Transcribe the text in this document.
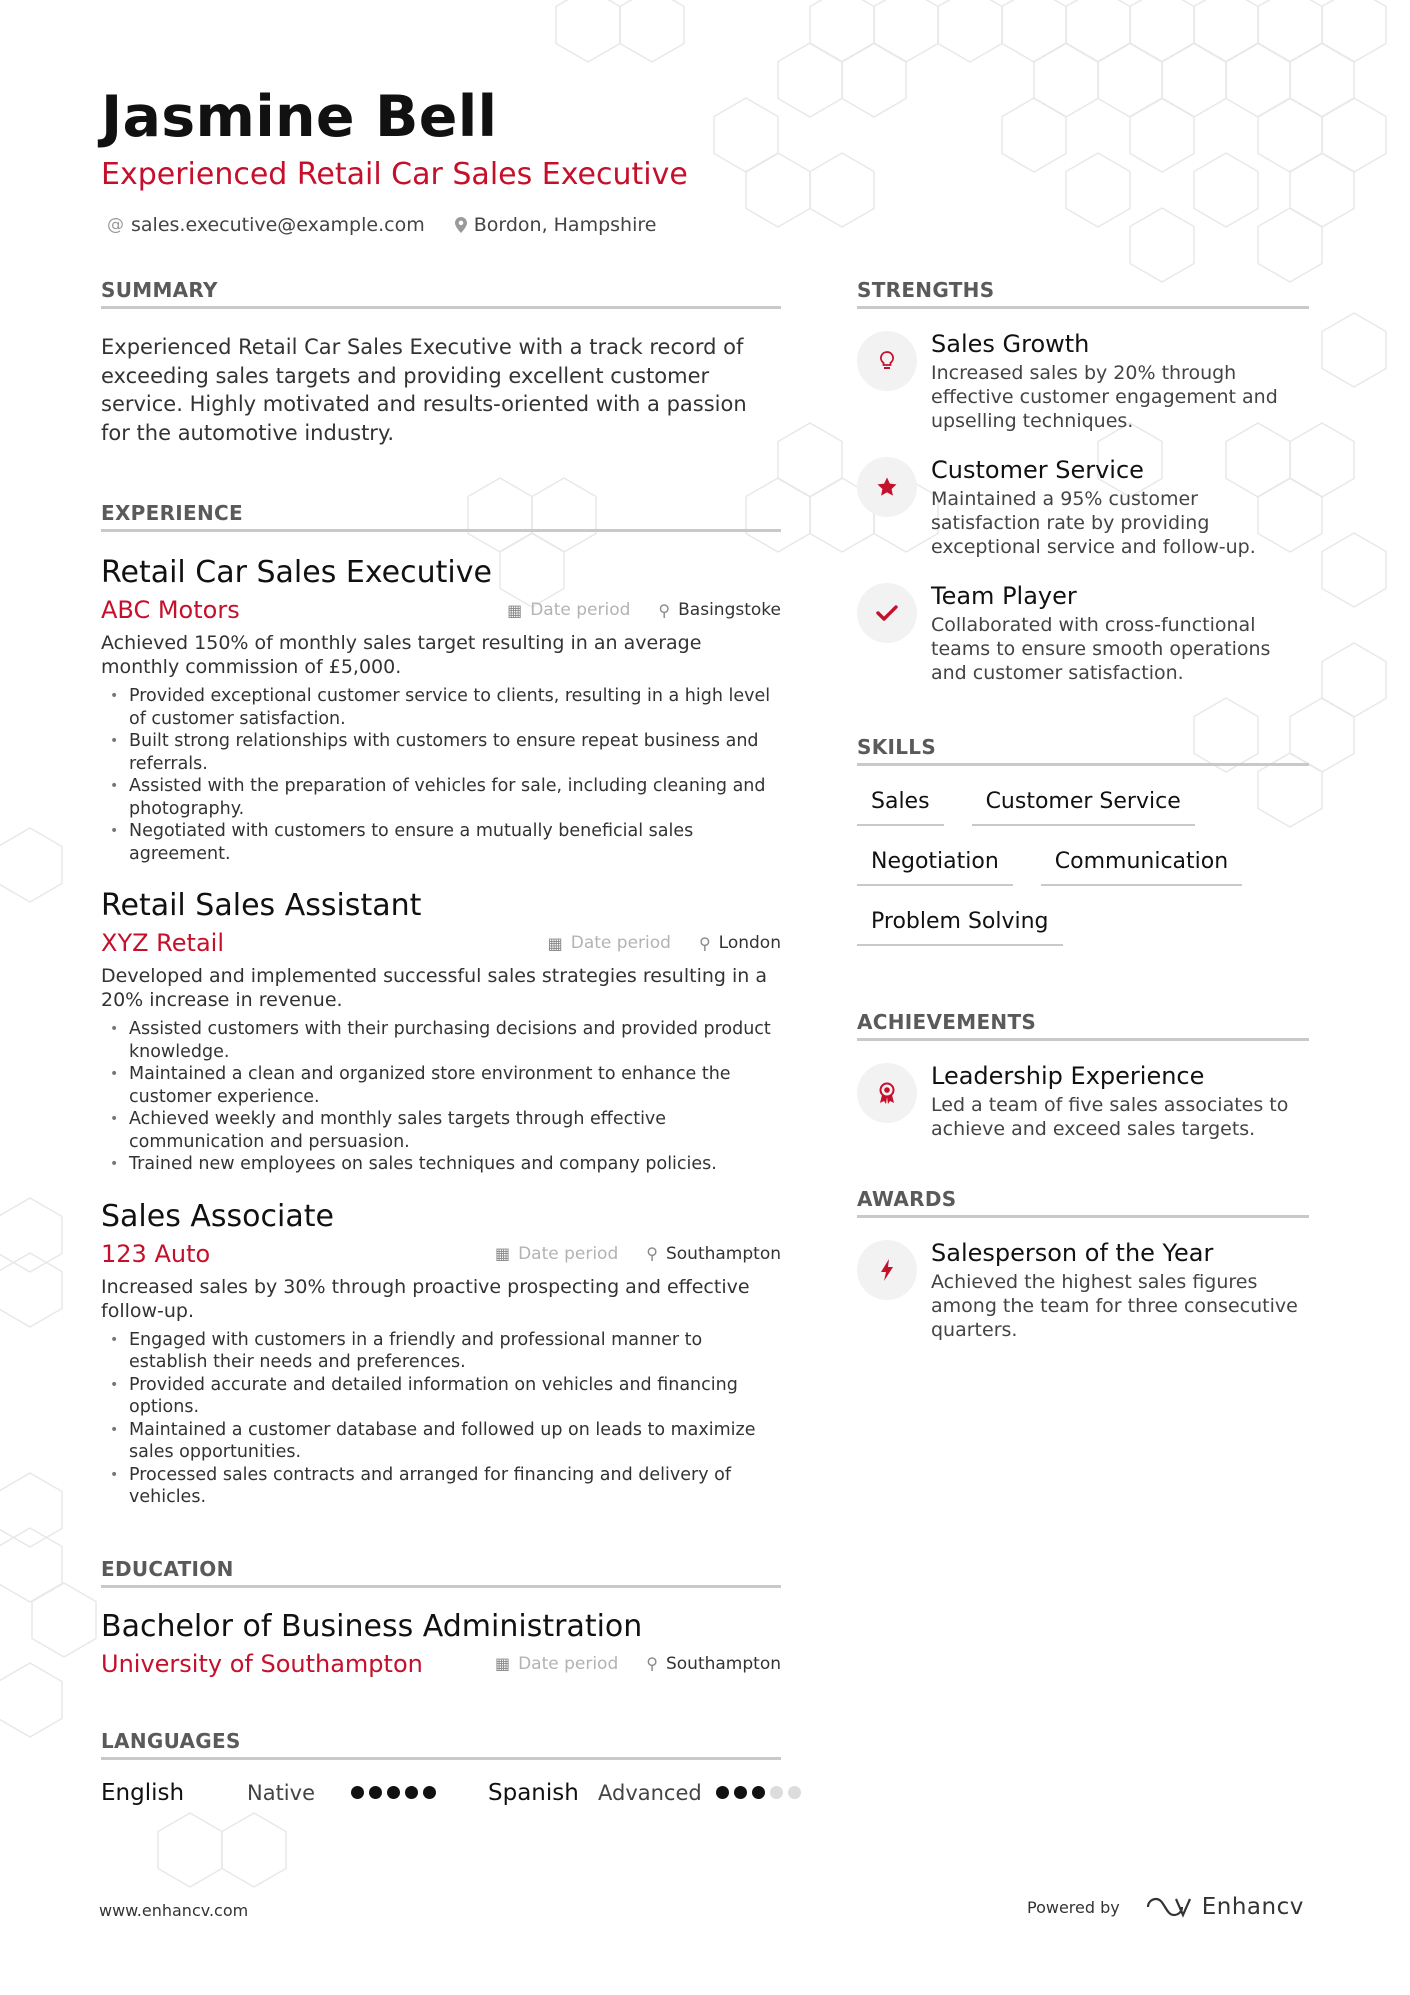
Jasmine Bell
Experienced Retail Car Sales Executive
@ sales.executive@example.com	Bordon, Hampshire
SUMMARY
Experienced Retail Car Sales Executive with a track record of exceeding sales targets and providing excellent customer service. Highly motivated and results-oriented with a passion for the automotive industry.
EXPERIENCE
Retail Car Sales Executive
ABC Motors	▦ Date period ⚲ Basingstoke
Achieved 150% of monthly sales target resulting in an average monthly commission of £5,000.
• Provided exceptional customer service to clients, resulting in a high level of customer satisfaction.
• Built strong relationships with customers to ensure repeat business and referrals.
• Assisted with the preparation of vehicles for sale, including cleaning and photography.
• Negotiated with customers to ensure a mutually beneficial sales agreement.
Retail Sales Assistant
XYZ Retail	▦ Date period ⚲ London
Developed and implemented successful sales strategies resulting in a 20% increase in revenue.
• Assisted customers with their purchasing decisions and provided product knowledge.
• Maintained a clean and organized store environment to enhance the customer experience.
• Achieved weekly and monthly sales targets through effective communication and persuasion.
• Trained new employees on sales techniques and company policies.
Sales Associate
123 Auto	▦ Date period ⚲ Southampton
Increased sales by 30% through proactive prospecting and effective follow-up.
• Engaged with customers in a friendly and professional manner to establish their needs and preferences.
• Provided accurate and detailed information on vehicles and financing options.
• Maintained a customer database and followed up on leads to maximize sales opportunities.
• Processed sales contracts and arranged for financing and delivery of vehicles.
EDUCATION
Bachelor of Business Administration
University of Southampton	▦ Date period ⚲ Southampton
LANGUAGES
English	Native	Spanish Advanced
STRENGTHS
Sales Growth
Increased sales by 20% through effective customer engagement and upselling techniques.
Customer Service
Maintained a 95% customer satisfaction rate by providing exceptional service and follow-up.
Team Player
Collaborated with cross-functional teams to ensure smooth operations and customer satisfaction.
SKILLS
Sales	Customer Service
Negotiation	Communication
Problem Solving
ACHIEVEMENTS
Leadership Experience
Led a team of five sales associates to achieve and exceed sales targets.
AWARDS
Salesperson of the Year
Achieved the highest sales figures among the team for three consecutive quarters.
www.enhancv.com	Powered by	Enhancv
